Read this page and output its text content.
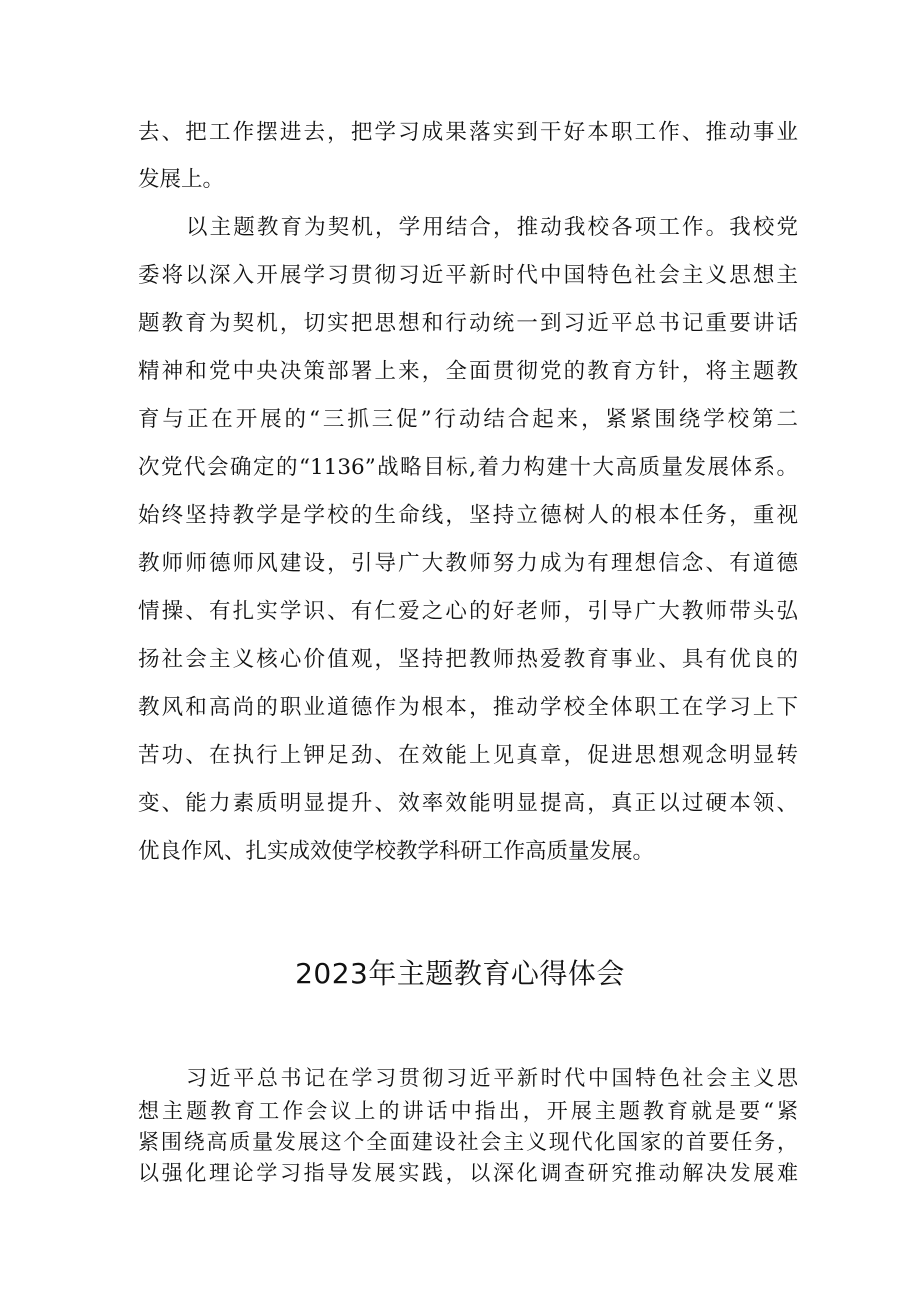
去、把工作摆进去，把学习成果落实到干好本职工作、推动事业
发展上。
以主题教育为契机，学用结合，推动我校各项工作。我校党
委将以深入开展学习贯彻习近平新时代中国特色社会主义思想主
题教育为契机，切实把思想和行动统一到习近平总书记重要讲话
精神和党中央决策部署上来，全面贯彻党的教育方针，将主题教
育与正在开展的“三抓三促”行动结合起来，紧紧围绕学校第二
次党代会确定的“1136”战略目标,着力构建十大高质量发展体系。
始终坚持教学是学校的生命线，坚持立德树人的根本任务，重视
教师师德师风建设，引导广大教师努力成为有理想信念、有道德
情操、有扎实学识、有仁爱之心的好老师，引导广大教师带头弘
扬社会主义核心价值观，坚持把教师热爱教育事业、具有优良的
教风和高尚的职业道德作为根本，推动学校全体职工在学习上下
苦功、在执行上钾足劲、在效能上见真章，促进思想观念明显转
变、能力素质明显提升、效率效能明显提高，真正以过硬本领、
优良作风、扎实成效使学校教学科研工作高质量发展。
2023年主题教育心得体会
习近平总书记在学习贯彻习近平新时代中国特色社会主义思
想主题教育工作会议上的讲话中指出，开展主题教育就是要“紧
紧围绕高质量发展这个全面建设社会主义现代化国家的首要任务，
以强化理论学习指导发展实践，以深化调查研究推动解决发展难
